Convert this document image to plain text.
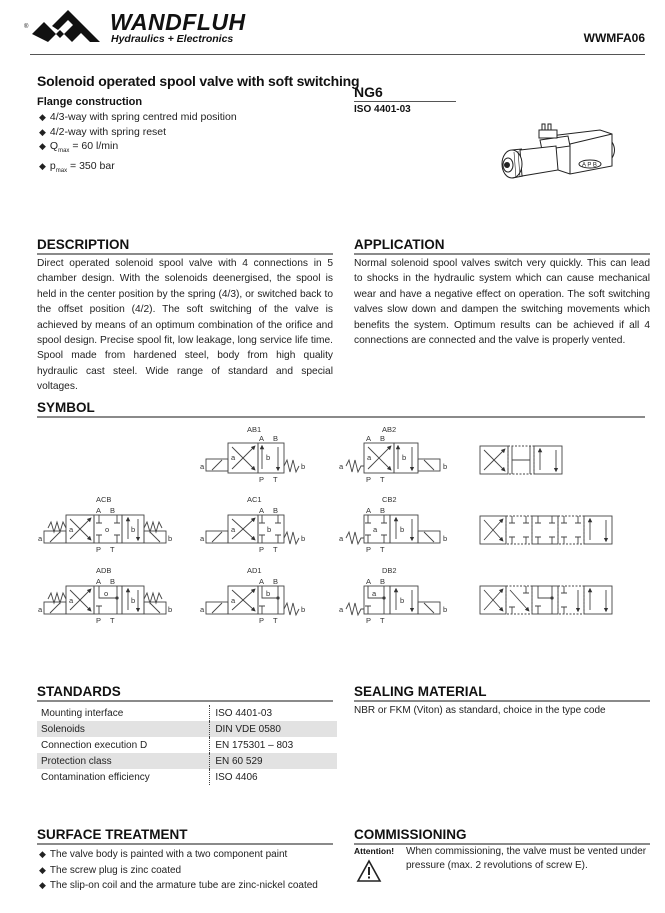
®	WANDFLUH
Hydraulics + Electronics	WWMFA06
Solenoid operated spool valve with soft switching
Flange construction
◆ 4/3-way with spring centred mid position
◆ 4/2-way with spring reset
◆ $Q_{max} = 60$ l/min
◆ $p_{max} = 350$ bar
NG6
ISO 4401-03
A P B
DESCRIPTION
Direct operated solenoid spool valve with 4 connections in 5 chamber design. With the solenoids deenergised, the spool is held in the center position by the spring (4/3), or switched back to the offset position (4/2). The soft switching of the valve is achieved by means of an optimum combination of the orifice and spool design. Precise spool fit, low leakage, long service life time. Spool made from hardened steel, body from high quality hydraulic cast steel. Wide range of standard and special voltages.
APPLICATION
Normal solenoid spool valves switch very quickly. This can lead to shocks in the hydraulic system which can cause mechanical wear and have a negative effect on operation. The soft switching valves slow down and dampen the switching movements which benefits the system. Optimum results can be achieved if all 4 connections are connected and the valve is properly vented.
SYMBOL
AB1	AB2
ACB	AC1	CB2
ADB	AD1	DB2
A B
P T
a
a	b
b
A B
P T
a
a	b
b
A B
P T
a
a	o	b
b
A B
P T
a
a	b
b
A B
P T
a
a	b
b
A B
P T
a
a
o
b
b
A B
P T
a
a
b
b
A B
P T
a
a
b
b
STANDARDS
Mounting interface	ISO 4401-03
Solenoids	DIN VDE 0580
Connection execution D	EN 175301 – 803
Protection class	EN 60 529
Contamination efficiency	ISO 4406
SEALING MATERIAL
NBR or FKM (Viton) as standard, choice in the type code
SURFACE TREATMENT
◆ The valve body is painted with a two component paint
◆ The screw plug is zinc coated
◆ The slip-on coil and the armature tube are zinc-nickel coated
COMMISSIONING
Attention! When commissioning, the valve must be vented under pressure (max. 2 revolutions of screw E).
